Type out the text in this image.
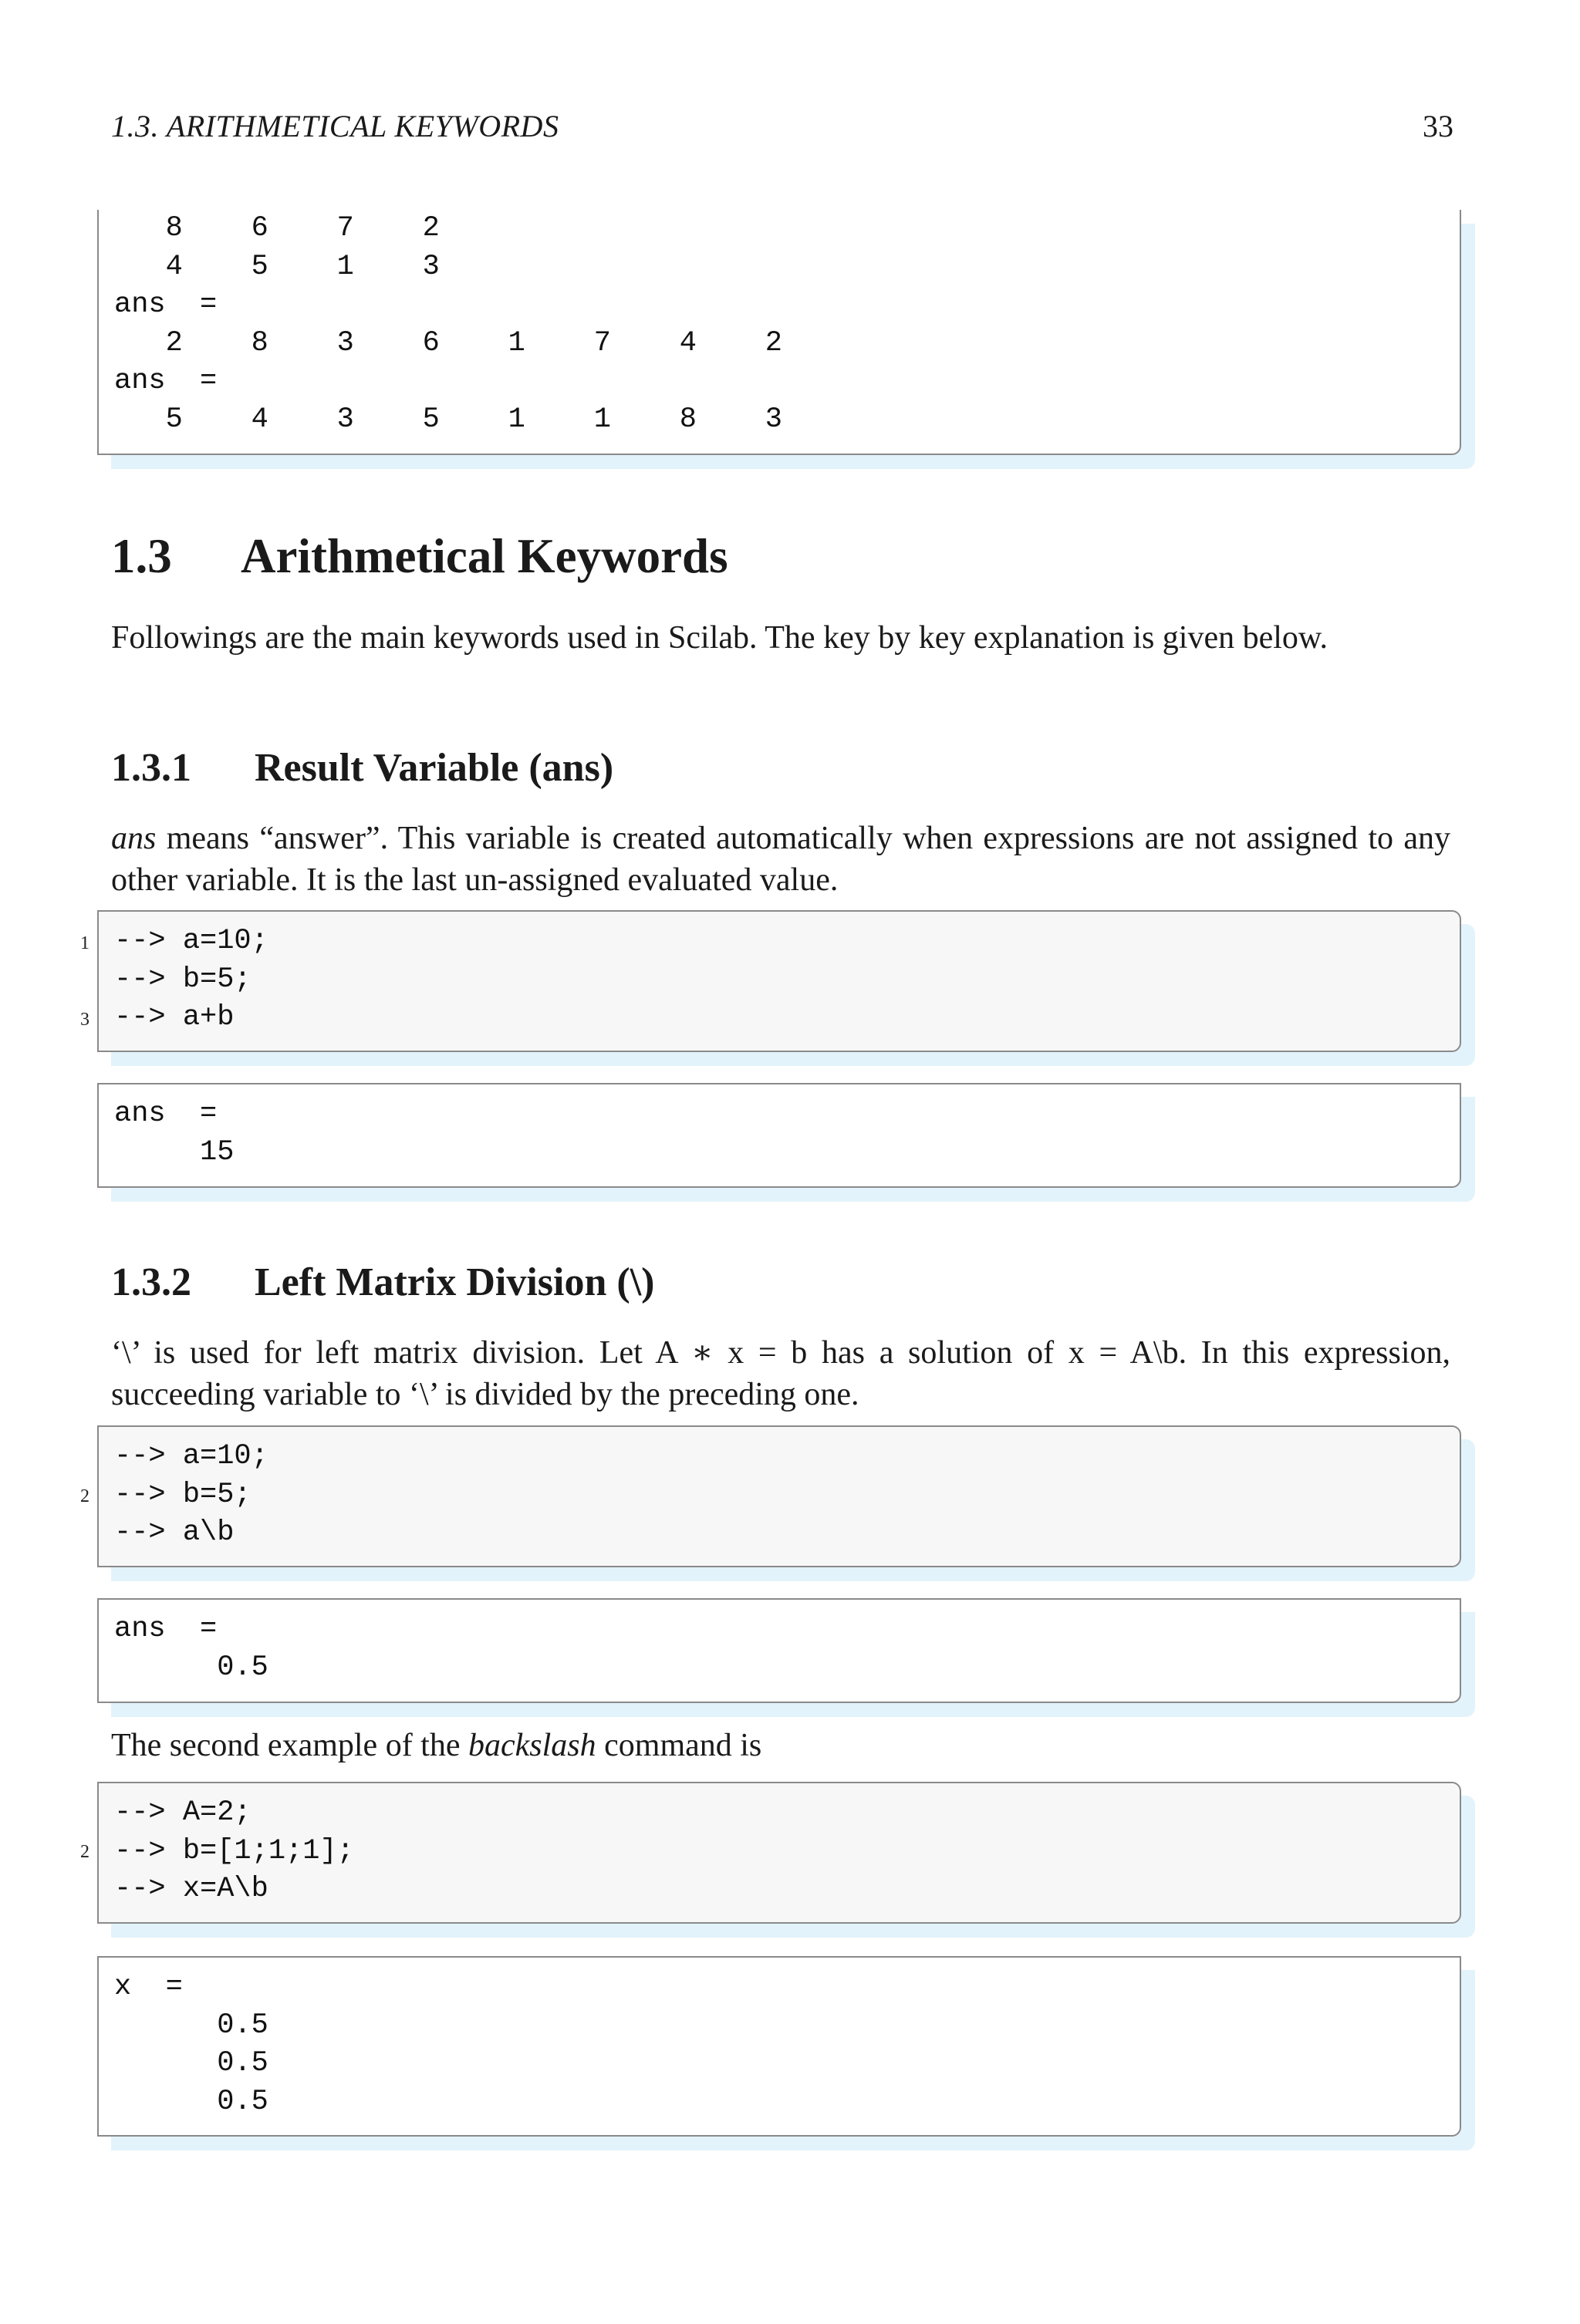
1.3. ARITHMETICAL KEYWORDS	33
8    6    7    2
4    5    1    3
ans  =
2    8    3    6    1    7    4    2
ans  =
5    4    3    5    1    1    8    3
1.3 Arithmetical Keywords

Followings are the main keywords used in Scilab. The key by key explanation is given below.

1.3.1 Result Variable (ans)

ans means “answer”. This variable is created automatically when expressions are not assigned to any other variable. It is the last un-assigned evaluated value.

1
3
--> a=10;
--> b=5;
--> a+b
ans  =
15
1.3.2 Left Matrix Division (\)

‘\’ is used for left matrix division. Let A ∗ x = b has a solution of x = A\b. In this expression, succeeding variable to ‘\’ is divided by the preceding one.

2
--> a=10;
--> b=5;
--> a\b
ans  =
0.5

The second example of the backslash command is

2
--> A=2;
--> b=[1;1;1];
--> x=A\b
x  =
0.5
0.5
0.5
